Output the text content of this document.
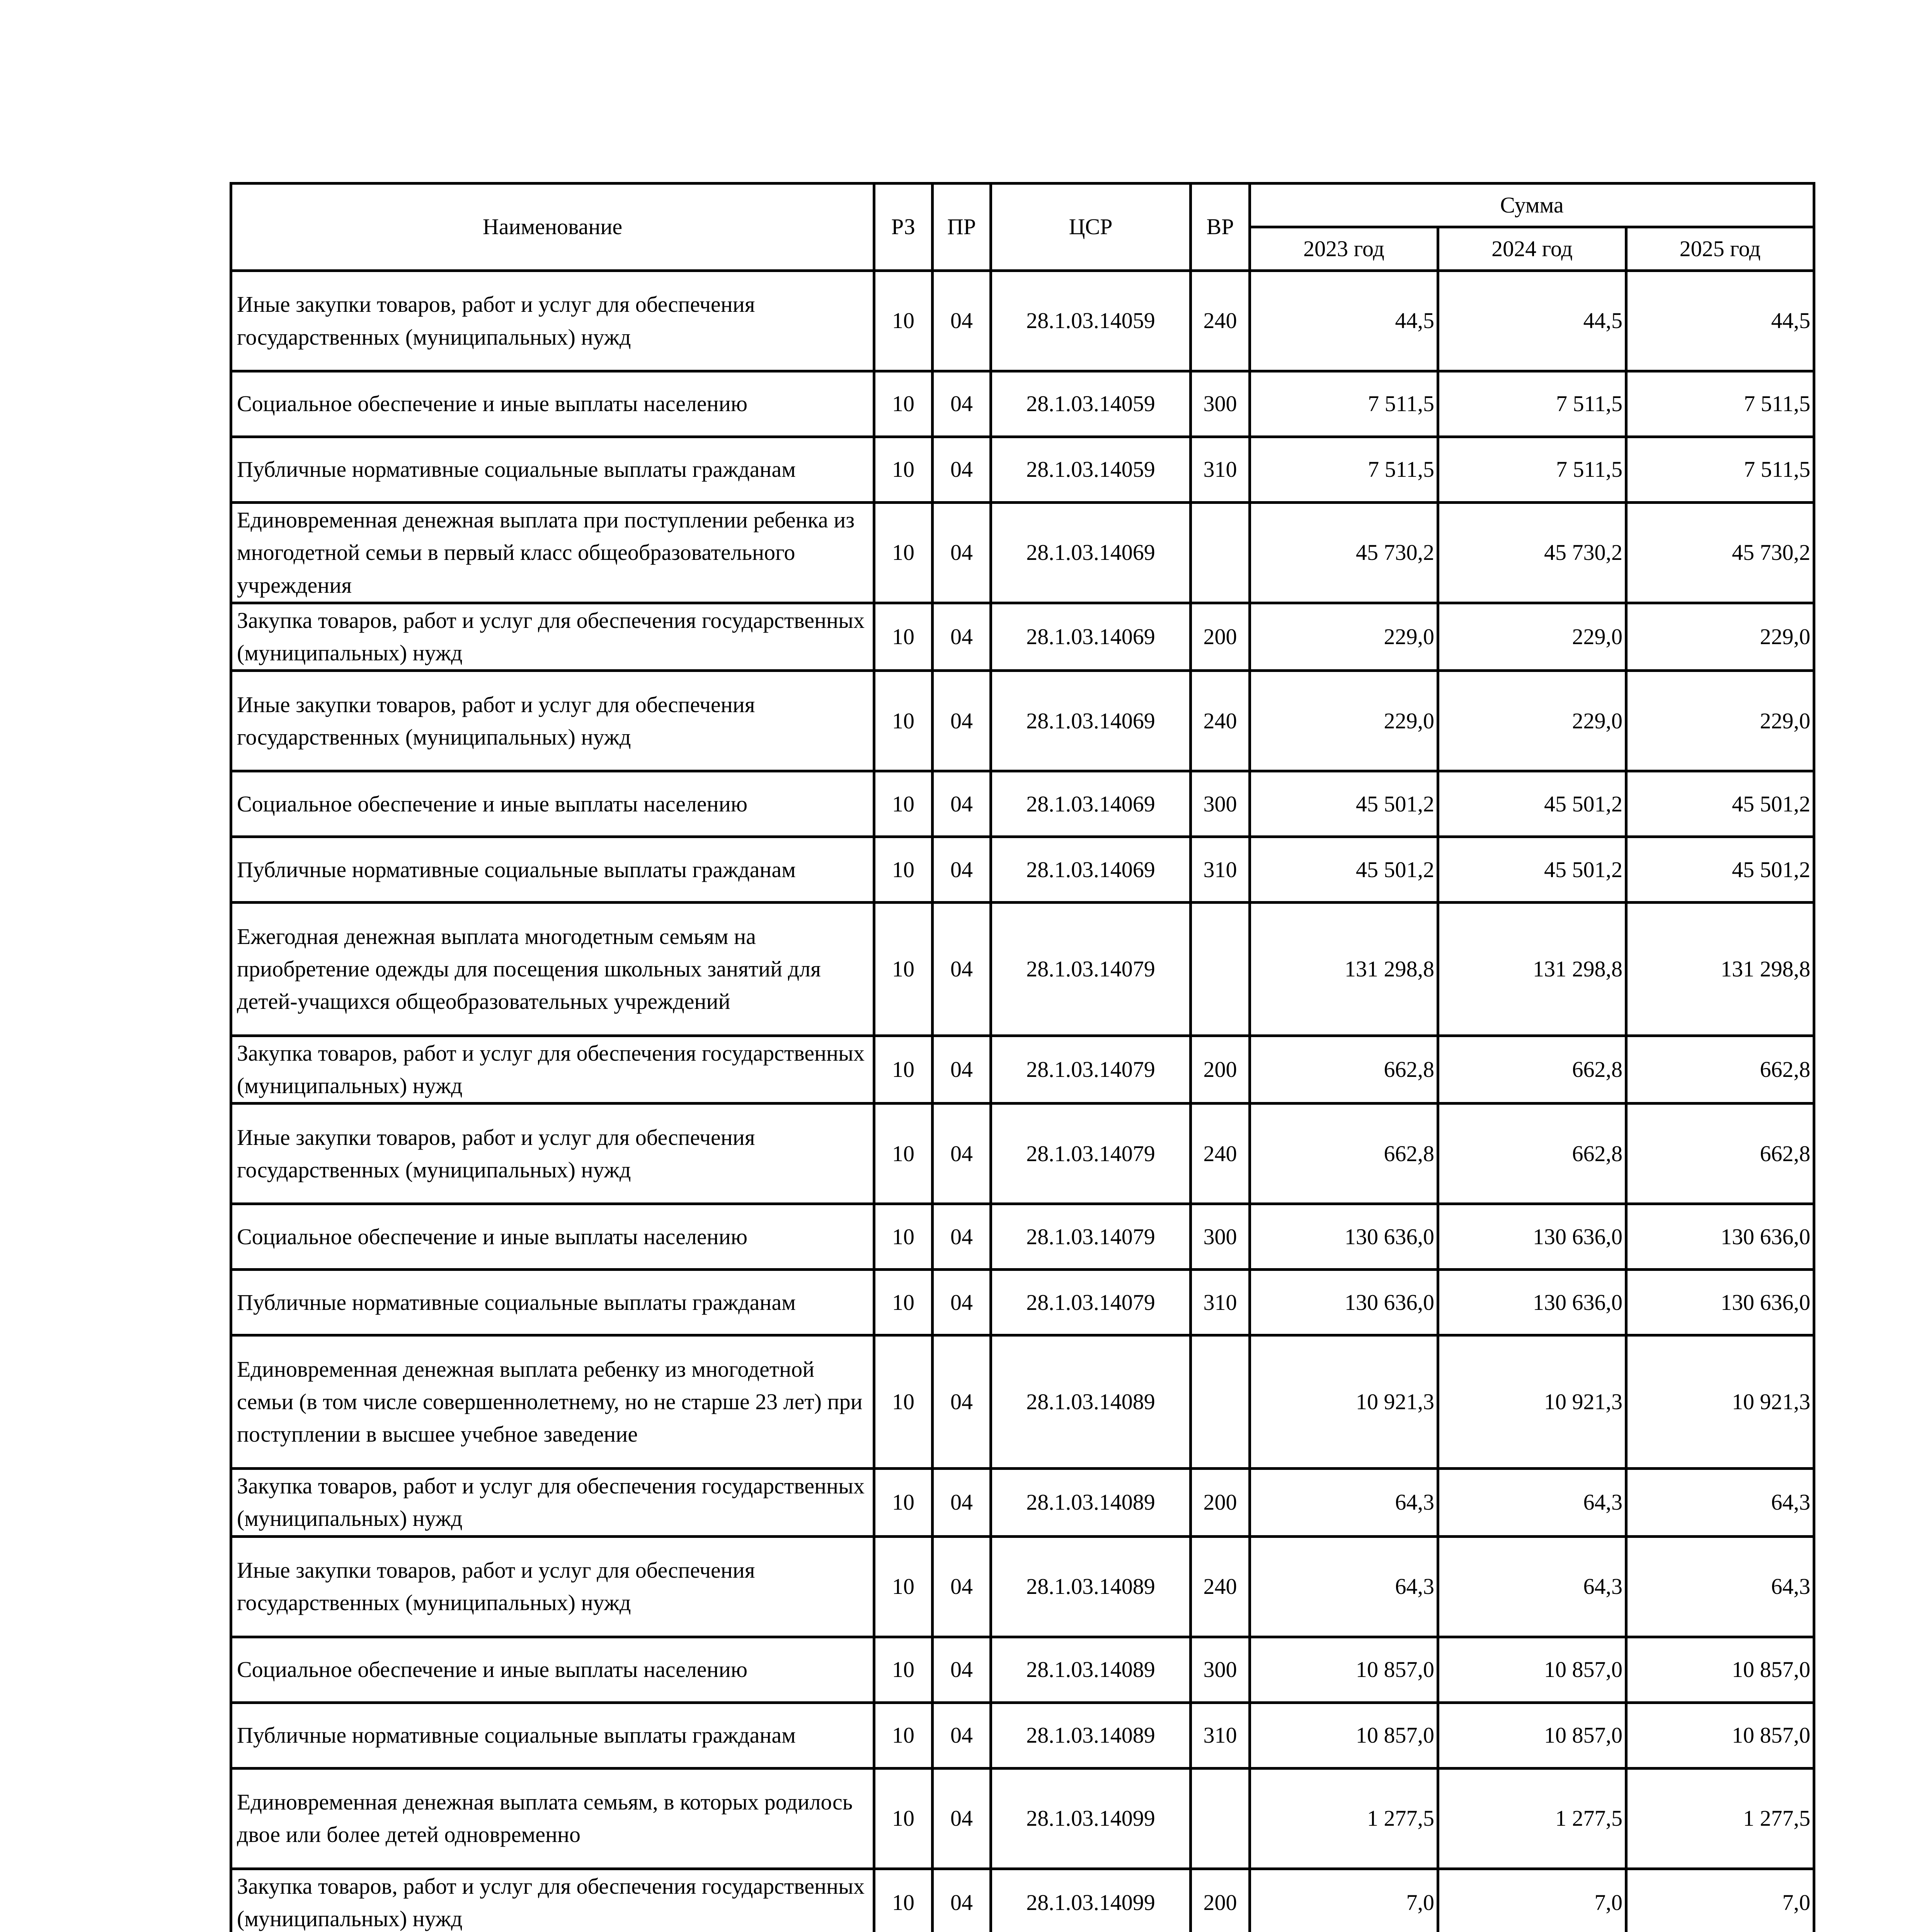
Наименование	РЗ	ПР	ЦСР	ВР	Сумма		
					2023 год	2024 год	2025 год
Иные закупки товаров, работ и услуг для обеспечения государственных (муниципальных) нужд	10	04	28.1.03.14059	240	44,5	44,5	44,5
Социальное обеспечение и иные выплаты населению	10	04	28.1.03.14059	300	7 511,5	7 511,5	7 511,5
Публичные нормативные социальные выплаты гражданам	10	04	28.1.03.14059	310	7 511,5	7 511,5	7 511,5
Единовременная денежная выплата при поступлении ребенка из многодетной семьи в первый класс общеобразовательного учреждения	10	04	28.1.03.14069		45 730,2	45 730,2	45 730,2
Закупка товаров, работ и услуг для обеспечения государственных (муниципальных) нужд	10	04	28.1.03.14069	200	229,0	229,0	229,0
Иные закупки товаров, работ и услуг для обеспечения государственных (муниципальных) нужд	10	04	28.1.03.14069	240	229,0	229,0	229,0
Социальное обеспечение и иные выплаты населению	10	04	28.1.03.14069	300	45 501,2	45 501,2	45 501,2
Публичные нормативные социальные выплаты гражданам	10	04	28.1.03.14069	310	45 501,2	45 501,2	45 501,2
Ежегодная денежная выплата многодетным семьям на приобретение одежды для посещения школьных занятий для детей-учащихся общеобразовательных учреждений	10	04	28.1.03.14079		131 298,8	131 298,8	131 298,8
Закупка товаров, работ и услуг для обеспечения государственных (муниципальных) нужд	10	04	28.1.03.14079	200	662,8	662,8	662,8
Иные закупки товаров, работ и услуг для обеспечения государственных (муниципальных) нужд	10	04	28.1.03.14079	240	662,8	662,8	662,8
Социальное обеспечение и иные выплаты населению	10	04	28.1.03.14079	300	130 636,0	130 636,0	130 636,0
Публичные нормативные социальные выплаты гражданам	10	04	28.1.03.14079	310	130 636,0	130 636,0	130 636,0
Единовременная денежная выплата ребенку из многодетной семьи (в том числе совершеннолетнему, но не старше 23 лет) при поступлении в высшее учебное заведение	10	04	28.1.03.14089		10 921,3	10 921,3	10 921,3
Закупка товаров, работ и услуг для обеспечения государственных (муниципальных) нужд	10	04	28.1.03.14089	200	64,3	64,3	64,3
Иные закупки товаров, работ и услуг для обеспечения государственных (муниципальных) нужд	10	04	28.1.03.14089	240	64,3	64,3	64,3
Социальное обеспечение и иные выплаты населению	10	04	28.1.03.14089	300	10 857,0	10 857,0	10 857,0
Публичные нормативные социальные выплаты гражданам	10	04	28.1.03.14089	310	10 857,0	10 857,0	10 857,0
Единовременная денежная выплата семьям, в которых родилось двое или более детей одновременно	10	04	28.1.03.14099		1 277,5	1 277,5	1 277,5
Закупка товаров, работ и услуг для обеспечения государственных (муниципальных) нужд	10	04	28.1.03.14099	200	7,0	7,0	7,0
